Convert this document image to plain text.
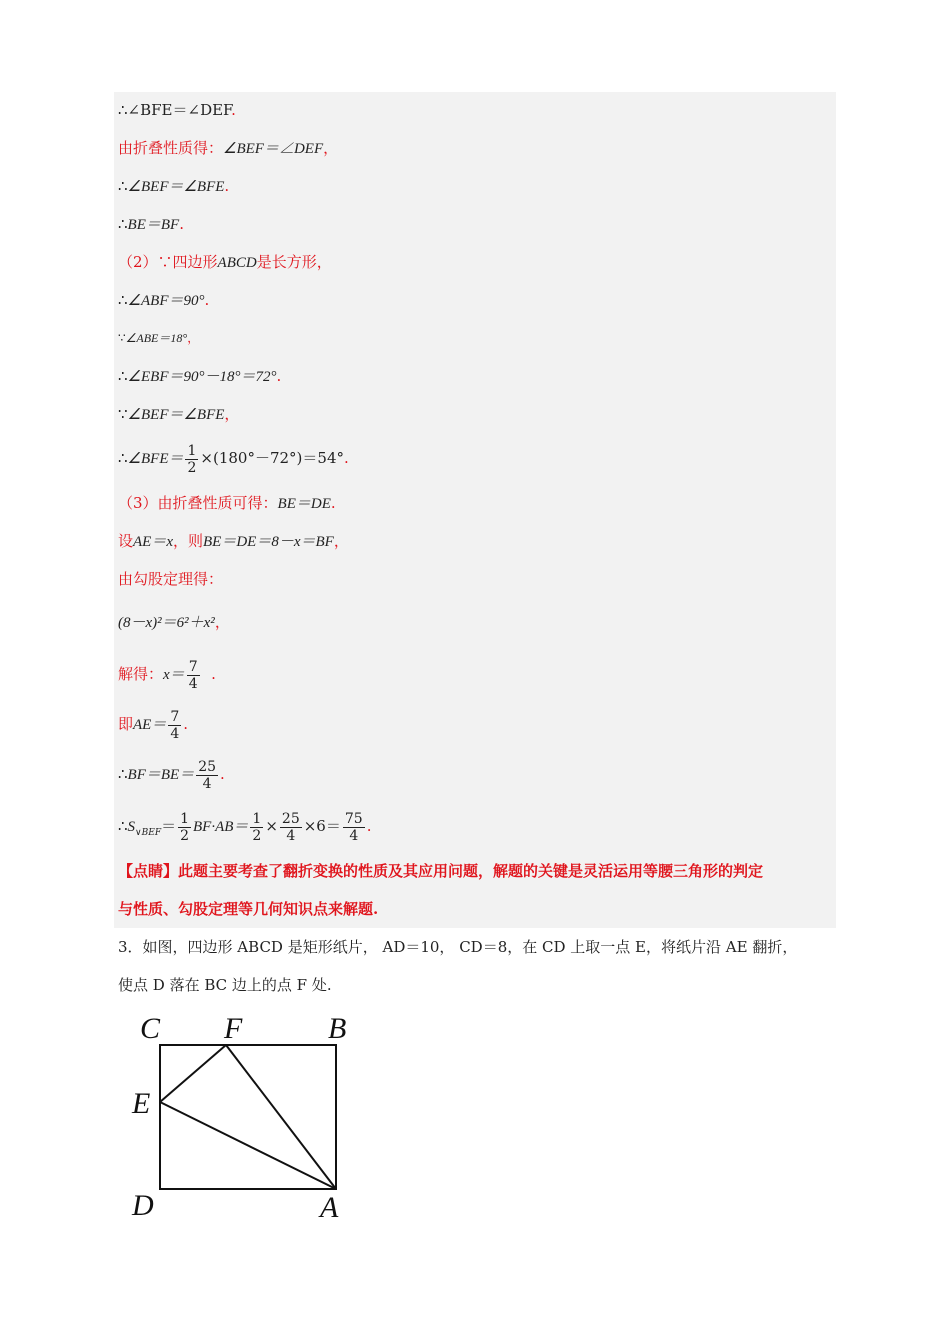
∴∠BFE＝∠DEF.
由折叠性质得：∠BEF＝∠DEF，
∴∠BEF＝∠BFE.
∴BE＝BF.
（2）∵四边形ABCD是长方形，
∴∠ABF＝90°.
∵∠ABE＝18°，
∴∠EBF＝90°－18°＝72°.
∵∠BEF＝∠BFE，
∴∠BFE＝ $\frac{1}{2} \times(180^\circ-72^\circ)=54^\circ$.
（3）由折叠性质可得：BE＝DE.
设AE＝x，则BE＝DE＝8－x＝BF，
由勾股定理得：
(8－x)²＝6²＋x²，
解得：$x= \frac{7}{4}$ .
即$AE= \frac{7}{4}$ .
∴BF＝BE＝ $\frac{25}{4}$ .
$\therefore S_{\vee BEF}= \frac{1}{2} BF\cdot AB= \frac{1}{2} \times \frac{25}{4} \times 6= \frac{75}{4}$ .
【点睛】此题主要考查了翻折变换的性质及其应用问题，解题的关键是灵活运用等腰三角形的判定
与性质、勾股定理等几何知识点来解题.
3．如图，四边形 ABCD 是矩形纸片， AD＝10， CD＝8，在 CD 上取一点 E，将纸片沿 AE 翻折，
使点 D 落在 BC 边上的点 F 处.
C F	B
E
D	A
